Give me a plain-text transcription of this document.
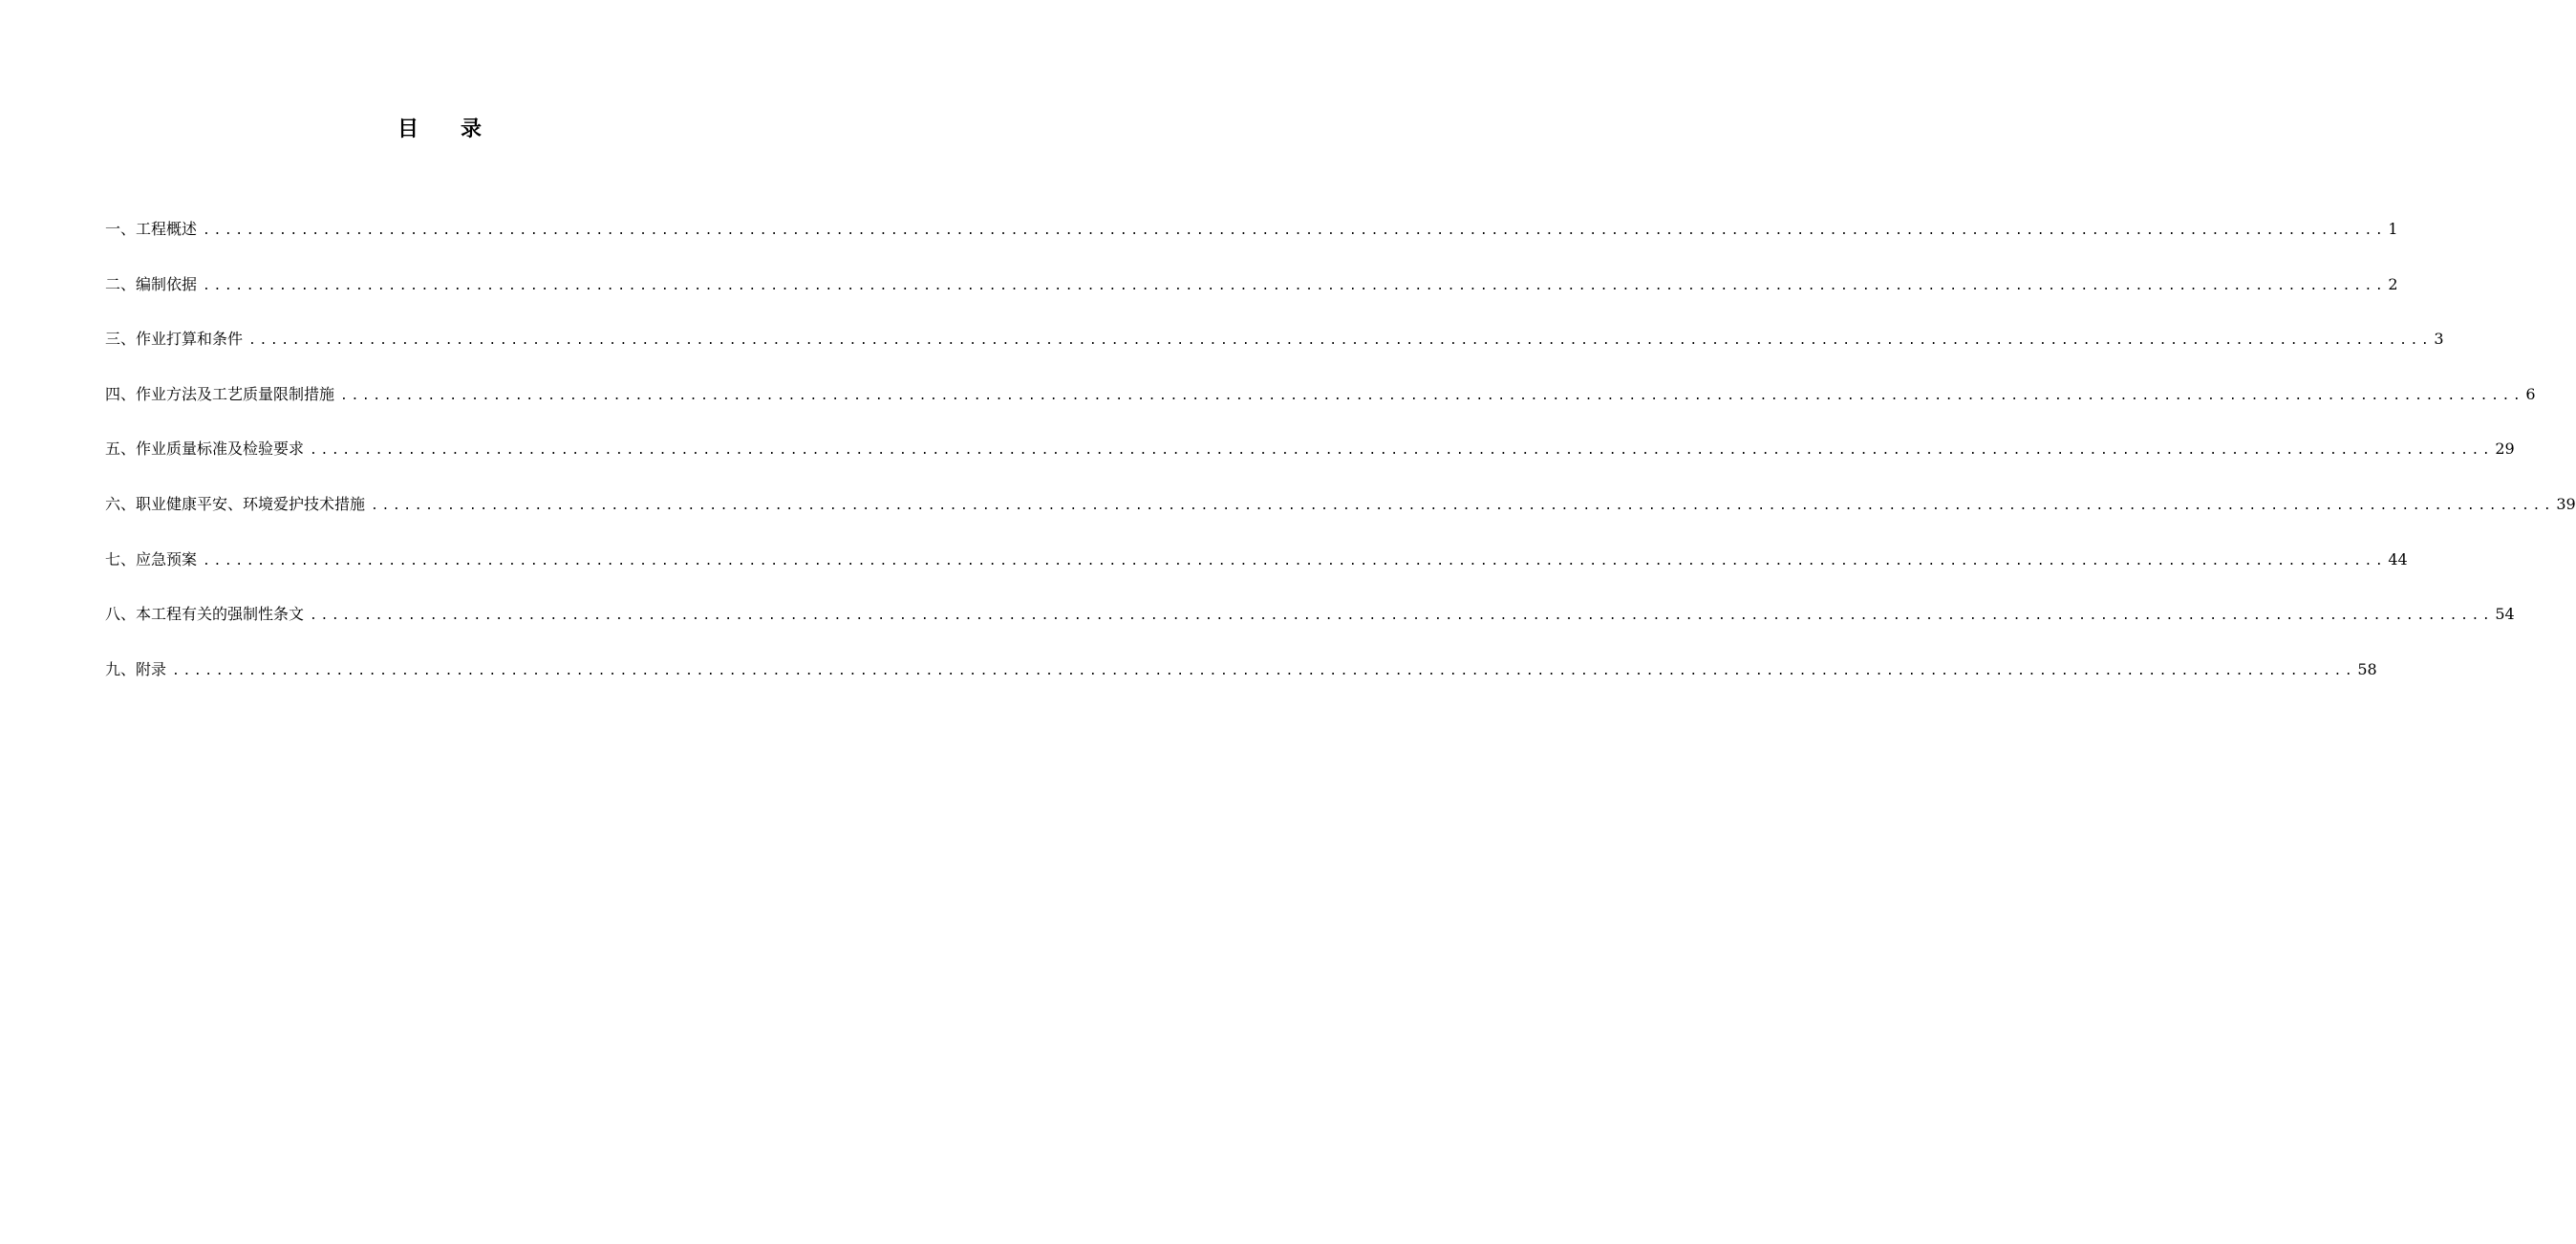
目 录
一、工程概述 ........................................................................................................................................................................................................ 1
二、编制依据 ........................................................................................................................................................................................................ 2
三、作业打算和条件 ........................................................................................................................................................................................................ 3
四、作业方法及工艺质量限制措施 ........................................................................................................................................................................................................ 6
五、作业质量标准及检验要求 ........................................................................................................................................................................................................ 29
六、职业健康平安、环境爱护技术措施 ........................................................................................................................................................................................................ 39
七、应急预案 ........................................................................................................................................................................................................ 44
八、本工程有关的强制性条文 ........................................................................................................................................................................................................ 54
九、附录 ........................................................................................................................................................................................................ 58
